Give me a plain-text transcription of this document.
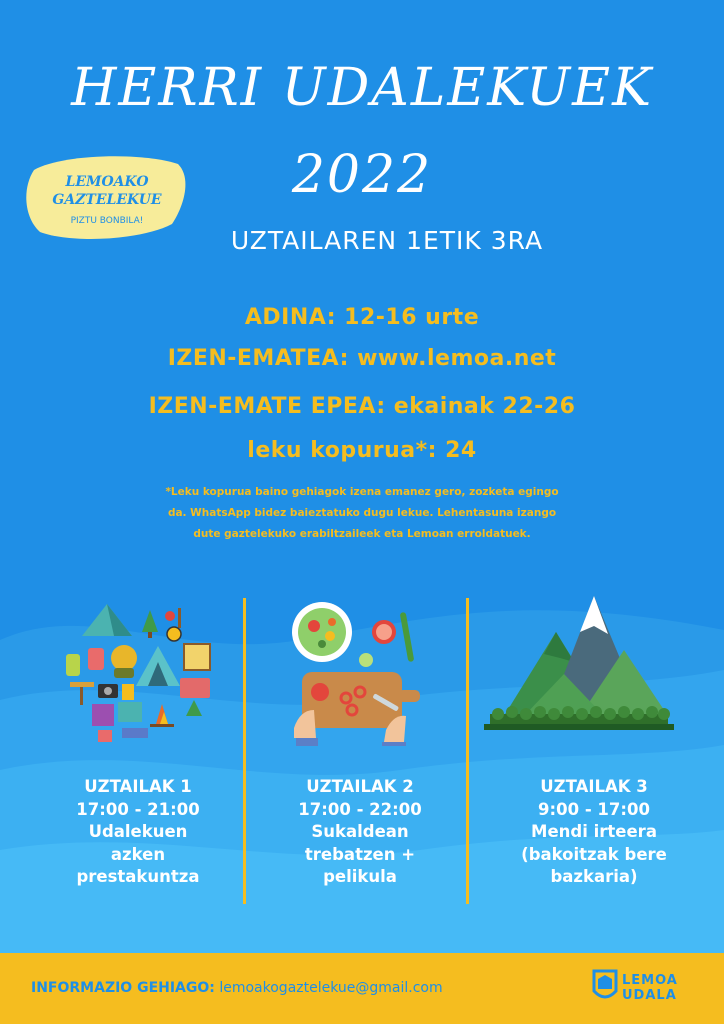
HERRI UDALEKUEK
2022
LEMOAKO
GAZTELEKUE
PIZTU BONBILA!
UZTAILAREN 1ETIK 3RA
ADINA: 12-16 urte
IZEN-EMATEA: www.lemoa.net
IZEN-EMATE EPEA: ekainak 22-26
leku kopurua*: 24
*Leku kopurua baino gehiagok izena emanez gero, zozketa egingo
da. WhatsApp bidez baieztatuko dugu lekue. Lehentasuna izango
dute gaztelekuko erabiltzaileek eta Lemoan erroldatuek.
UZTAILAK 1
17:00 - 21:00
Udalekuen
azken
prestakuntza
UZTAILAK 2
17:00 - 22:00
Sukaldean
trebatzen +
pelikula
UZTAILAK 3
9:00 - 17:00
Mendi irteera
(bakoitzak bere
bazkaria)
INFORMAZIO GEHIAGO: lemoakogaztelekue@gmail.com	LEMOA
UDALA
